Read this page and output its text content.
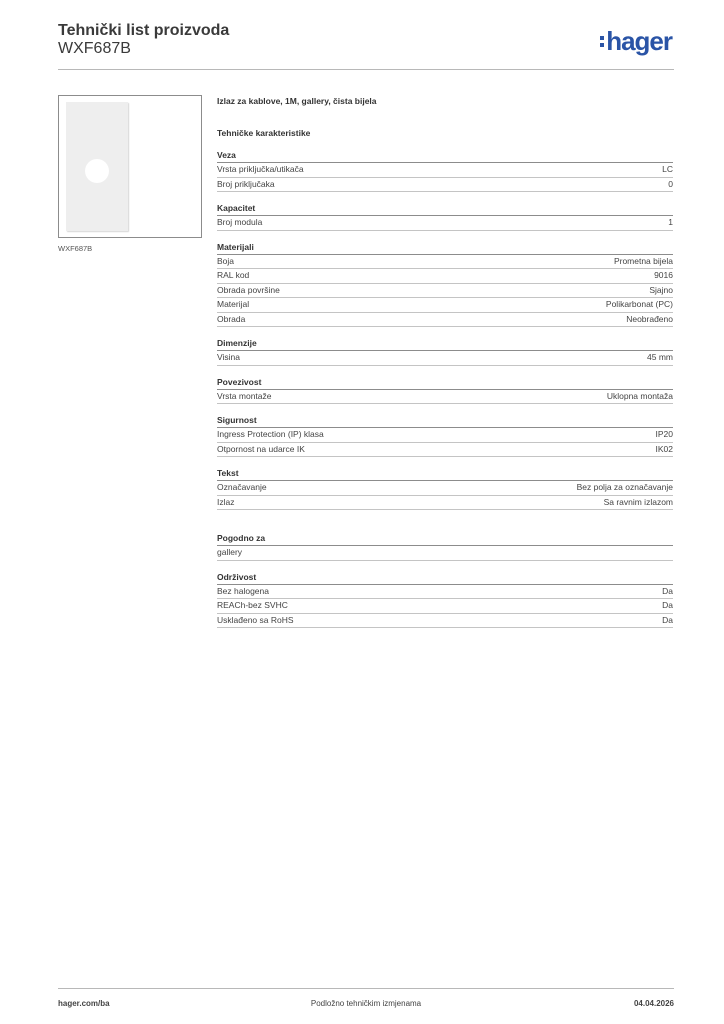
Tehnički list proizvoda
WXF687B	hager
WXF687B
Izlaz za kablove, 1M, gallery, čista bijela
Tehničke karakteristike
Veza
Vrsta priključka/utikača	LC
Broj priključaka	0
Kapacitet
Broj modula	1
Materijali
Boja	Prometna bijela
RAL kod	9016
Obrada površine	Sjajno
Materijal	Polikarbonat (PC)
Obrada	Neobrađeno
Dimenzije
Visina	45 mm
Povezivost
Vrsta montaže	Uklopna montaža
Sigurnost
Ingress Protection (IP) klasa	IP20
Otpornost na udarce IK	IK02
Tekst
Označavanje	Bez polja za označavanje
Izlaz	Sa ravnim izlazom
Pogodno za
gallery
Održivost
Bez halogena	Da
REACh-bez SVHC	Da
Usklađeno sa RoHS	Da
hager.com/ba	Podložno tehničkim izmjenama	04.04.2026
